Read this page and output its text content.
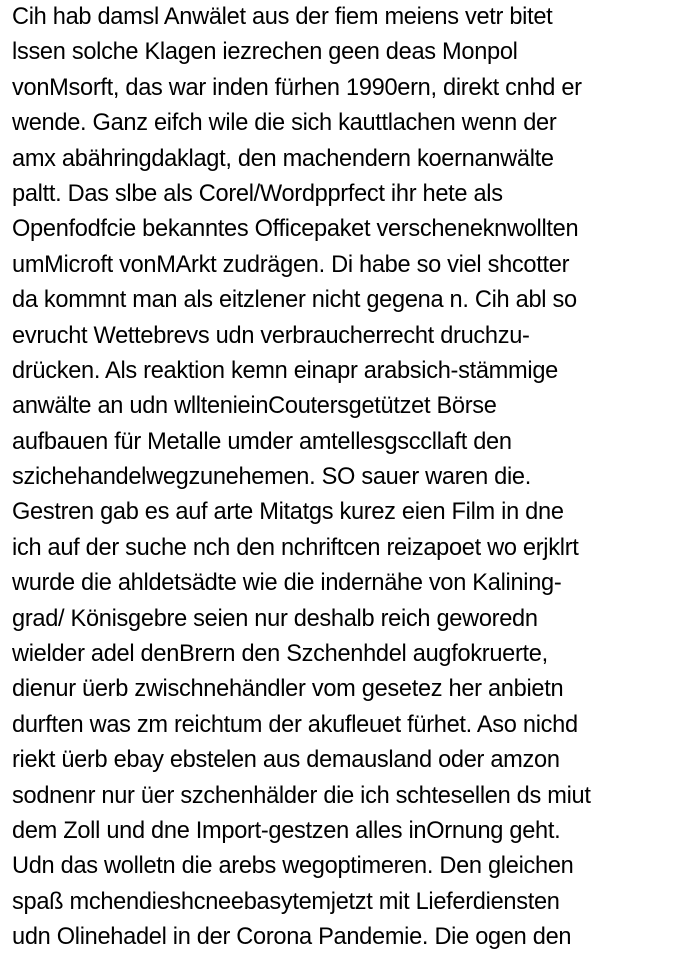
Cih hab damsl Anwälet aus der fiem meiens vetr bitet
lssen solche Klagen iezrechen geen deas Monpol
vonMsorft, das war inden fürhen 1990ern, direkt cnhd er
wende. Ganz eifch wile die sich kauttlachen wenn der
amx abähringdaklagt, den machendern koernanwälte
paltt. Das slbe als Corel/Wordpprfect ihr hete als
Openfodfcie bekanntes Officepaket verscheneknwollten
umMicroft vonMArkt zudrägen. Di habe so viel shcotter
da kommnt man als eitzlener nicht gegena n. Cih abl so
evrucht Wettebrevs udn verbraucherrecht druchzu-
drücken. Als reaktion kemn einapr arabsich-stämmige
anwälte an udn wlltenieinCoutersgetützet Börse
aufbauen für Metalle umder amtellesgsccllaft den
szichehandelwegzunehemen. SO sauer waren die.
Gestren gab es auf arte Mitatgs kurez eien Film in dne
ich auf der suche nch den nchriftcen reizapoet wo erjklrt
wurde die ahldetsädte wie die indernähe von Kalining-
grad/ Könisgebre seien nur deshalb reich geworedn
wielder adel denBrern den Szchenhdel augfokruerte,
dienur üerb zwischnehändler vom gesetez her anbietn
durften was zm reichtum der akufleuet fürhet. Aso nichd
riekt üerb ebay ebstelen aus demausland oder amzon
sodnenr nur üer szchenhälder die ich schtesellen ds miut
dem Zoll und dne Import-gestzen alles inOrnung geht.
Udn das wolletn die arebs wegoptimeren. Den gleichen
spaß mchendieshcneebasytemjetzt mit Lieferdiensten
udn Olinehadel in der Corona Pandemie. Die ogen den
